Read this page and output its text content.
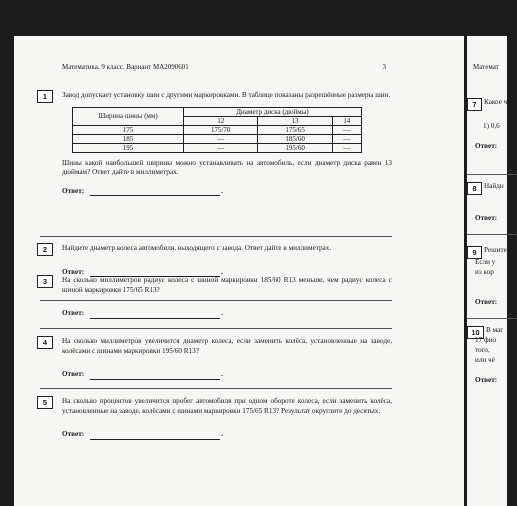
Математика. 9 класс. Вариант МА2090601	3
1	Завод допускает установку шин с другими маркировками. В таблице показаны разрешённые размеры шин.
Ширина шины (мм)	Диаметр диска (дюймы)		
	12	13	14
175	175/70	175/65	—
185	—	185/60	—
195	—	195/60	—
Шины какой наибольшей ширины можно устанавливать на автомобиль, если диаметр диска равен 13 дюймам? Ответ дайте в миллиметрах.
Ответ:	.
2	Найдите диаметр колеса автомобиля, выходящего с завода. Ответ дайте в миллиметрах.
Ответ:	.
3	На сколько миллиметров радиус колеса с шиной маркировки 185/60 R13 меньше, чем радиус колеса с шиной маркировки 175/65 R13?
Ответ:	.
4	На сколько миллиметров увеличится диаметр колеса, если заменить колёса, установленные на заводе, колёсами с шинами маркировки 195/60 R13?
Ответ:	.
5	На сколько процентов увеличится пробег автомобиля при одном обороте колеса, если заменить колёса, установленные на заводе, колёсами с шинами маркировки 175/65 R13? Результат округлите до десятых.
Ответ:	.
Математ
7	Какое ч
1) 0,6
Ответ:
8	Найди
Ответ:
9	Решите
Если у
из кор
Ответ:
10 В маг
17 фио
того,
или чё
Ответ:
